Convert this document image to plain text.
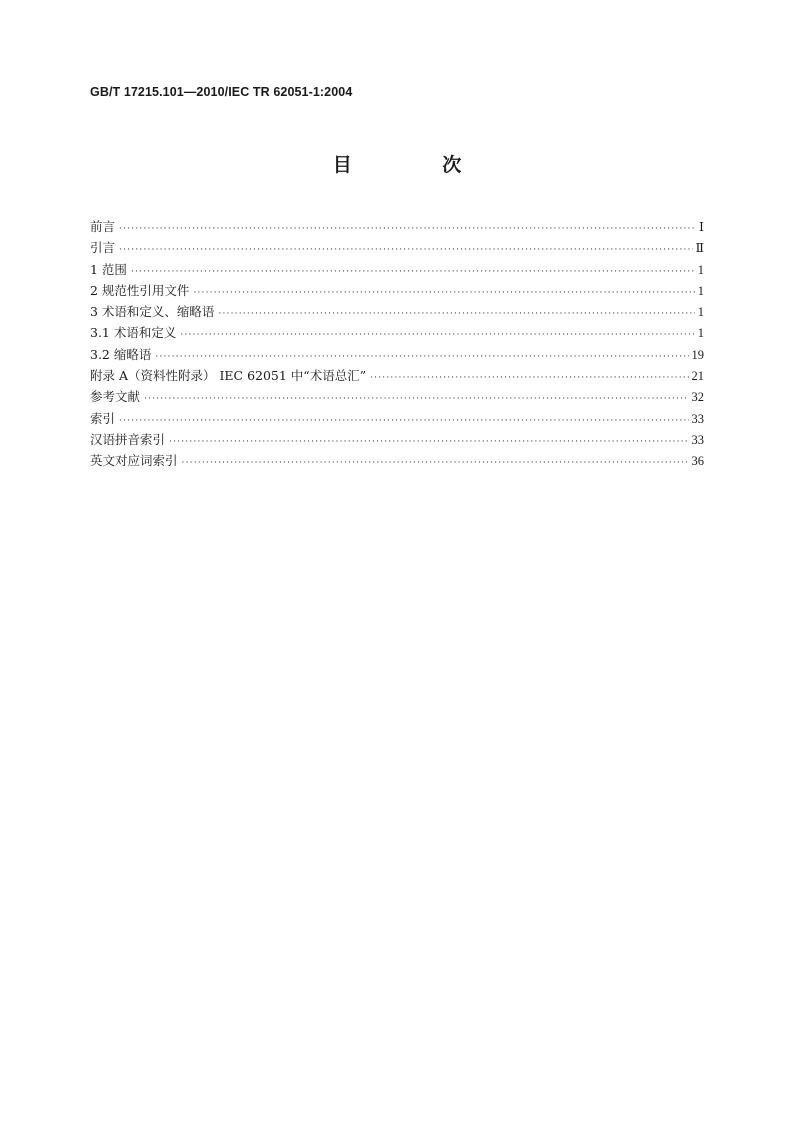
GB/T 17215.101—2010/IEC TR 62051-1:2004
目 次
前言 ·····	Ⅰ
引言 ·····	Ⅱ
1 范围 ·····	1
2 规范性引用文件 ·····	1
3 术语和定义、缩略语 ·····	1
3.1 术语和定义 ·····	1
3.2 缩略语 ·····	19
附录 A（资料性附录） IEC 62051 中“术语总汇” ·····	21
参考文献 ·····	32
索引 ·····	33
汉语拼音索引 ·····	33
英文对应词索引 ·····	36
